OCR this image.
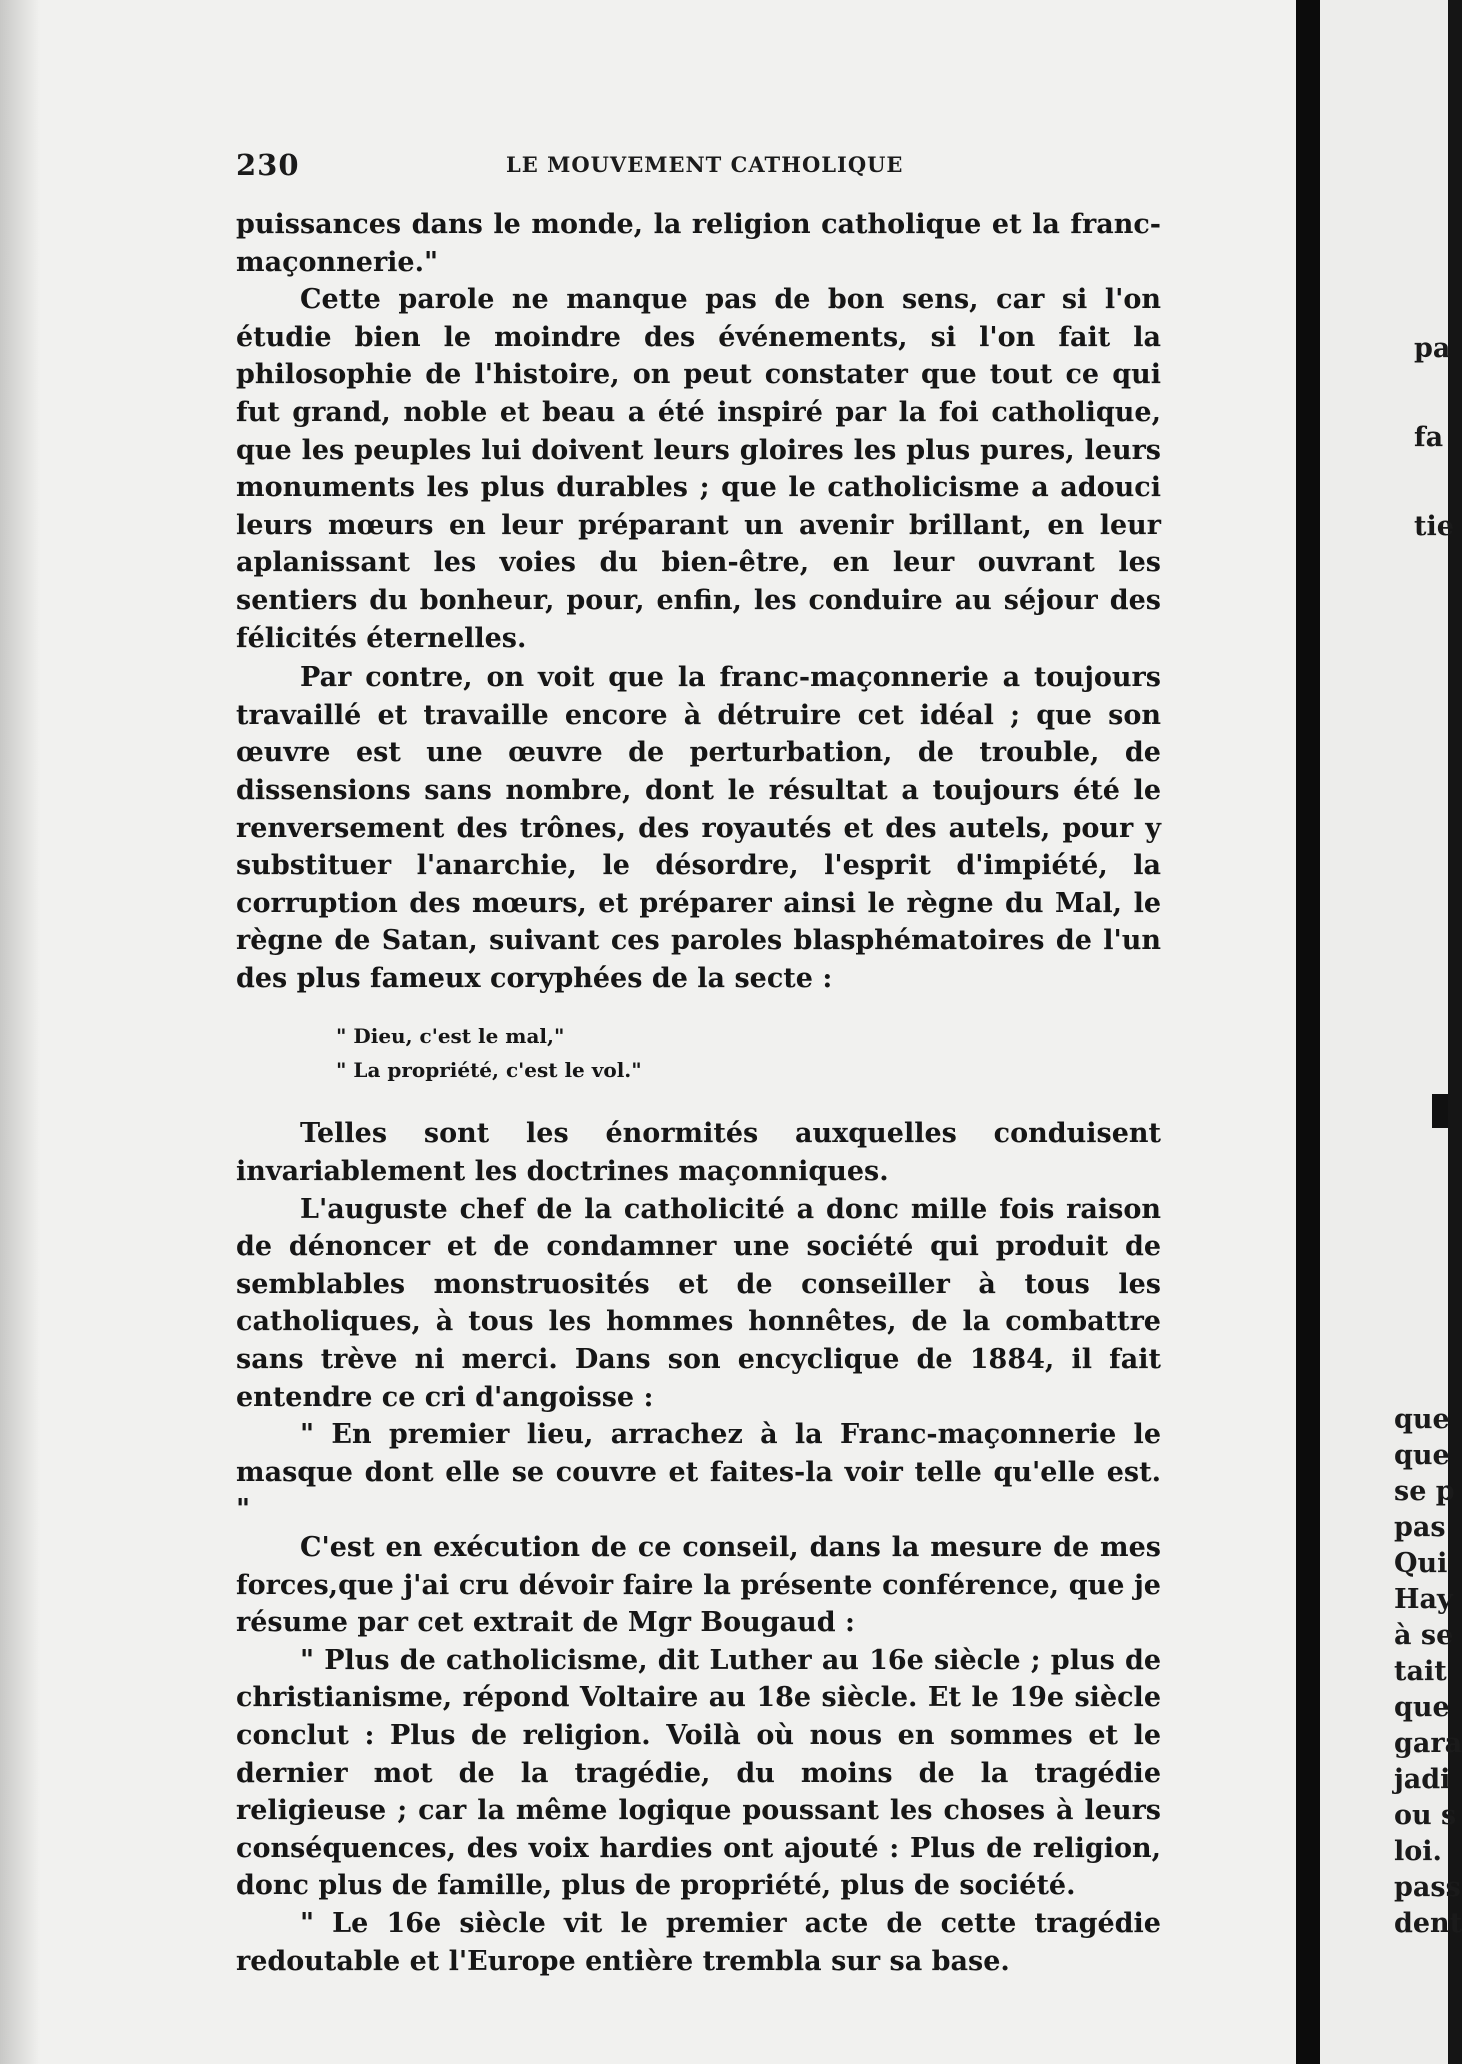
230	LE MOUVEMENT CATHOLIQUE

puissances dans le monde, la religion catholique et la franc-maçonnerie."

Cette parole ne manque pas de bon sens, car si l'on étudie bien le moindre des événements, si l'on fait la philosophie de l'histoire, on peut constater que tout ce qui fut grand, noble et beau a été inspiré par la foi catholique, que les peuples lui doivent leurs gloires les plus pures, leurs monuments les plus durables ; que le catholicisme a adouci leurs mœurs en leur préparant un avenir brillant, en leur aplanissant les voies du bien-être, en leur ouvrant les sentiers du bonheur, pour, enfin, les conduire au séjour des félicités éternelles.

Par contre, on voit que la franc-maçonnerie a toujours travaillé et travaille encore à détruire cet idéal ; que son œuvre est une œuvre de perturbation, de trouble, de dissensions sans nombre, dont le résultat a toujours été le renversement des trônes, des royautés et des autels, pour y substituer l'anarchie, le désordre, l'esprit d'impiété, la corruption des mœurs, et préparer ainsi le règne du Mal, le règne de Satan, suivant ces paroles blasphématoires de l'un des plus fameux coryphées de la secte :

" Dieu, c'est le mal,"
" La propriété, c'est le vol."

Telles sont les énormités auxquelles conduisent invariablement les doctrines maçonniques.

L'auguste chef de la catholicité a donc mille fois raison de dénoncer et de condamner une société qui produit de semblables monstruosités et de conseiller à tous les catholiques, à tous les hommes honnêtes, de la combattre sans trève ni merci. Dans son encyclique de 1884, il fait entendre ce cri d'angoisse :

" En premier lieu, arrachez à la Franc-maçonnerie le masque dont elle se couvre et faites-la voir telle qu'elle est. "

C'est en exécution de ce conseil, dans la mesure de mes forces,que j'ai cru dévoir faire la présente conférence, que je résume par cet extrait de Mgr Bougaud :

" Plus de catholicisme, dit Luther au 16e siècle ; plus de christianisme, répond Voltaire au 18e siècle. Et le 19e siècle conclut : Plus de religion. Voilà où nous en sommes et le dernier mot de la tragédie, du moins de la tragédie religieuse ; car la même logique poussant les choses à leurs conséquences, des voix hardies ont ajouté : Plus de religion, donc plus de famille, plus de propriété, plus de société.

" Le 16e siècle vit le premier acte de cette tragédie redoutable et l'Europe entière trembla sur sa base.

pa
fa
tie
que
que
se p
pas
Qui
Hay
à se
tait
que
gara
jadi
ou s
loi.
pass
dent
